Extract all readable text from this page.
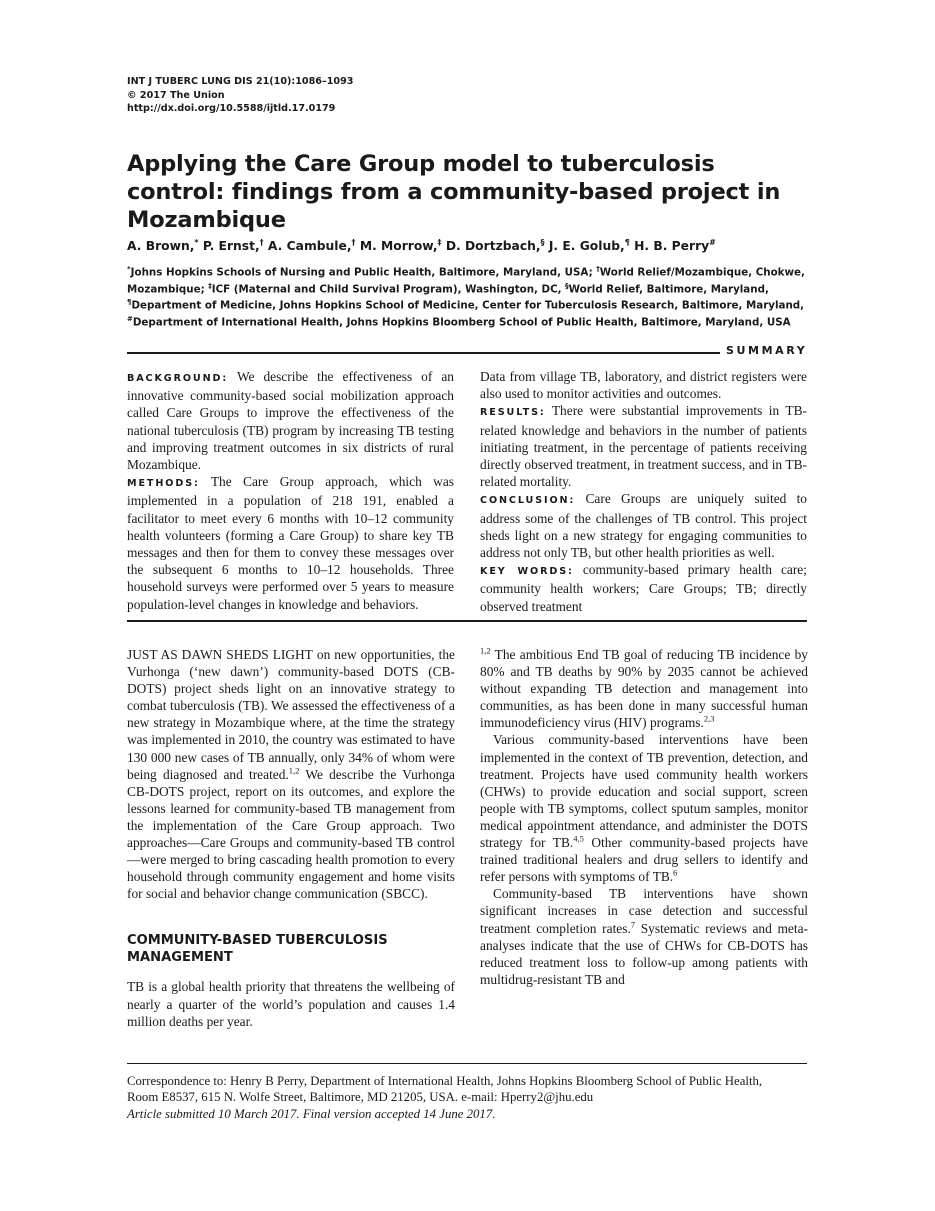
INT J TUBERC LUNG DIS 21(10):1086–1093
© 2017 The Union
http://dx.doi.org/10.5588/ijtld.17.0179
Applying the Care Group model to tuberculosis control: findings from a community-based project in Mozambique
A. Brown,* P. Ernst,† A. Cambule,† M. Morrow,‡ D. Dortzbach,§ J. E. Golub,¶ H. B. Perry#
*Johns Hopkins Schools of Nursing and Public Health, Baltimore, Maryland, USA; †World Relief/Mozambique, Chokwe, Mozambique; ‡ICF (Maternal and Child Survival Program), Washington, DC, §World Relief, Baltimore, Maryland, ¶Department of Medicine, Johns Hopkins School of Medicine, Center for Tuberculosis Research, Baltimore, Maryland, #Department of International Health, Johns Hopkins Bloomberg School of Public Health, Baltimore, Maryland, USA
SUMMARY

BACKGROUND: We describe the effectiveness of an innovative community-based social mobilization approach called Care Groups to improve the effectiveness of the national tuberculosis (TB) program by increasing TB testing and improving treatment outcomes in six districts of rural Mozambique.

METHODS: The Care Group approach, which was implemented in a population of 218 191, enabled a facilitator to meet every 6 months with 10–12 community health volunteers (forming a Care Group) to share key TB messages and then for them to convey these messages over the subsequent 6 months to 10–12 households. Three household surveys were performed over 5 years to measure population-level changes in knowledge and behaviors.

Data from village TB, laboratory, and district registers were also used to monitor activities and outcomes.

RESULTS: There were substantial improvements in TB-related knowledge and behaviors in the number of patients initiating treatment, in the percentage of patients receiving directly observed treatment, in treatment success, and in TB-related mortality.

CONCLUSION: Care Groups are uniquely suited to address some of the challenges of TB control. This project sheds light on a new strategy for engaging communities to address not only TB, but other health priorities as well.

KEY WORDS: community-based primary health care; community health workers; Care Groups; TB; directly observed treatment

JUST AS DAWN SHEDS LIGHT on new opportunities, the Vurhonga (‘new dawn’) community-based DOTS (CB-DOTS) project sheds light on an innovative strategy to combat tuberculosis (TB). We assessed the effectiveness of a new strategy in Mozambique where, at the time the strategy was implemented in 2010, the country was estimated to have 130 000 new cases of TB annually, only 34% of whom were being diagnosed and treated.$^{1,2}$ We describe the Vurhonga CB-DOTS project, report on its outcomes, and explore the lessons learned for community-based TB management from the implementation of the Care Group approach. Two approaches—Care Groups and community-based TB control—were merged to bring cascading health promotion to every household through community engagement and home visits for social and behavior change communication (SBCC).

COMMUNITY-BASED TUBERCULOSIS MANAGEMENT

TB is a global health priority that threatens the wellbeing of nearly a quarter of the world’s population and causes 1.4 million deaths per year.

$^{1,2}$ The ambitious End TB goal of reducing TB incidence by 80% and TB deaths by 90% by 2035 cannot be achieved without expanding TB detection and management into communities, as has been done in many successful human immunodeficiency virus (HIV) programs.$^{2,3}$

Various community-based interventions have been implemented in the context of TB prevention, detection, and treatment. Projects have used community health workers (CHWs) to provide education and social support, screen people with TB symptoms, collect sputum samples, monitor medical appointment attendance, and administer the DOTS strategy for TB.$^{4,5}$ Other community-based projects have trained traditional healers and drug sellers to identify and refer persons with symptoms of TB.$^6$

Community-based TB interventions have shown significant increases in case detection and successful treatment completion rates.$^7$ Systematic reviews and meta-analyses indicate that the use of CHWs for CB-DOTS has reduced treatment loss to follow-up among patients with multidrug-resistant TB and

Correspondence to: Henry B Perry, Department of International Health, Johns Hopkins Bloomberg School of Public Health,
Room E8537, 615 N. Wolfe Street, Baltimore, MD 21205, USA. e-mail: Hperry2@jhu.edu
Article submitted 10 March 2017. Final version accepted 14 June 2017.
